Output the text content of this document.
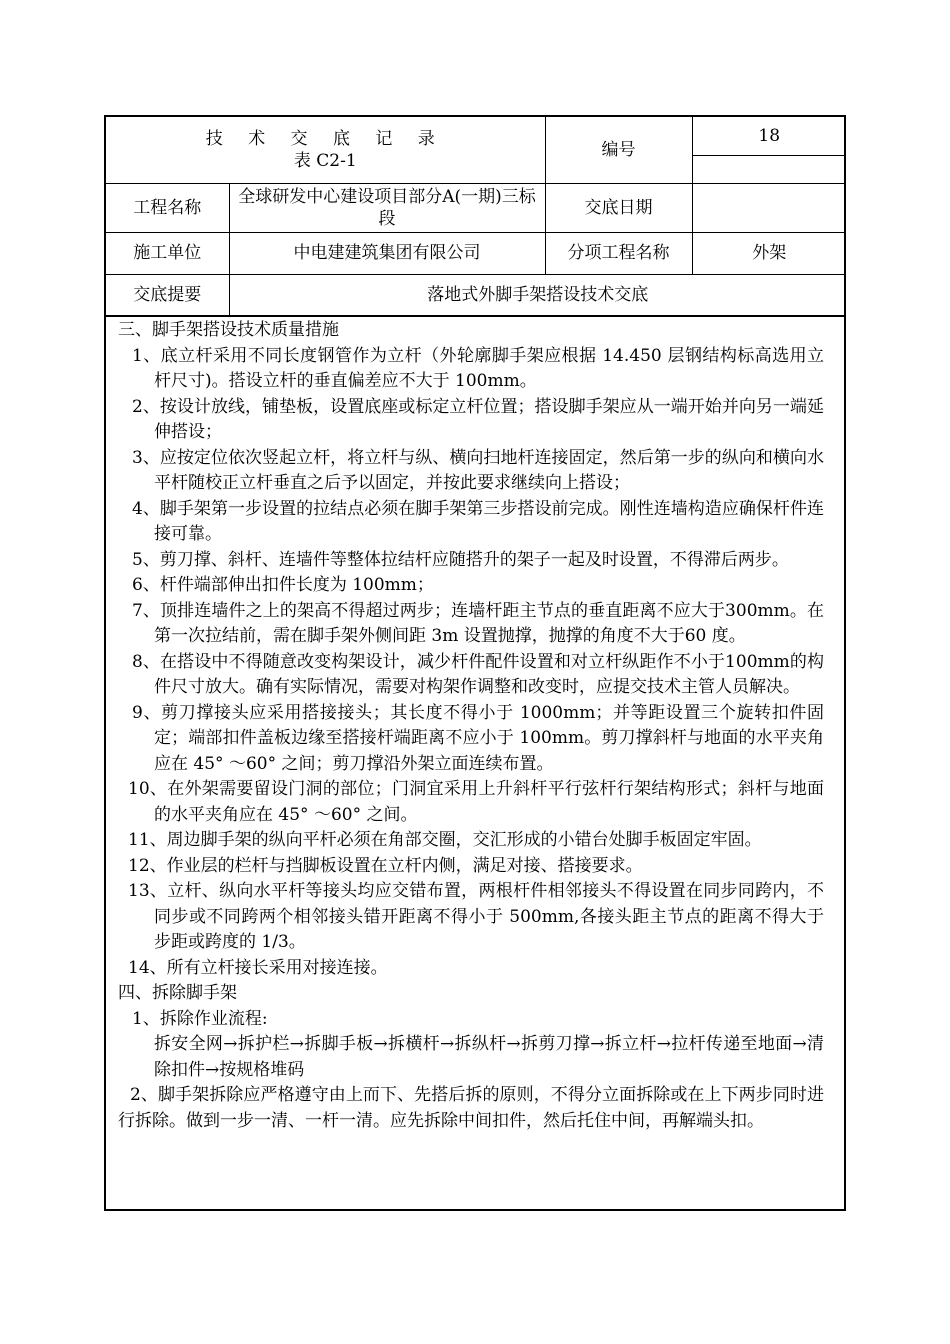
技 术 交 底 记 录
表 C2-1		编号	18

工程名称	全球研发中心建设项目部分A(一期)三标段	交底日期	
施工单位	中电建建筑集团有限公司	分项工程名称	外架
交底提要	落地式外脚手架搭设技术交底		

三、脚手架搭设技术质量措施

1、底立杆采用不同长度钢管作为立杆（外轮廓脚手架应根据 14.450 层钢结构标高选用立杆尺寸)。搭设立杆的垂直偏差应不大于 100mm。

2、按设计放线，铺垫板，设置底座或标定立杆位置；搭设脚手架应从一端开始并向另一端延伸搭设；

3、应按定位依次竖起立杆，将立杆与纵、横向扫地杆连接固定，然后第一步的纵向和横向水平杆随校正立杆垂直之后予以固定，并按此要求继续向上搭设；

4、脚手架第一步设置的拉结点必须在脚手架第三步搭设前完成。刚性连墙构造应确保杆件连接可靠。

5、剪刀撑、斜杆、连墙件等整体拉结杆应随搭升的架子一起及时设置，不得滞后两步。

6、杆件端部伸出扣件长度为 100mm；

7、顶排连墙件之上的架高不得超过两步；连墙杆距主节点的垂直距离不应大于300mm。在第一次拉结前，需在脚手架外侧间距 3m 设置抛撑，抛撑的角度不大于60 度。

8、在搭设中不得随意改变构架设计，减少杆件配件设置和对立杆纵距作不小于100mm的构件尺寸放大。确有实际情况，需要对构架作调整和改变时，应提交技术主管人员解决。

9、剪刀撑接头应采用搭接接头；其长度不得小于 1000mm；并等距设置三个旋转扣件固定；端部扣件盖板边缘至搭接杆端距离不应小于 100mm。剪刀撑斜杆与地面的水平夹角应在 45° ～60° 之间；剪刀撑沿外架立面连续布置。

10、在外架需要留设门洞的部位；门洞宜采用上升斜杆平行弦杆行架结构形式；斜杆与地面的水平夹角应在 45° ～60° 之间。

11、周边脚手架的纵向平杆必须在角部交圈，交汇形成的小错台处脚手板固定牢固。

12、作业层的栏杆与挡脚板设置在立杆内侧，满足对接、搭接要求。

13、立杆、纵向水平杆等接头均应交错布置，两根杆件相邻接头不得设置在同步同跨内，不同步或不同跨两个相邻接头错开距离不得小于 500mm,各接头距主节点的距离不得大于步距或跨度的 1/3。

14、所有立杆接长采用对接连接。

四、拆除脚手架

1、拆除作业流程:

拆安全网→拆护栏→拆脚手板→拆横杆→拆纵杆→拆剪刀撑→拆立杆→拉杆传递至地面→清除扣件→按规格堆码

2、脚手架拆除应严格遵守由上而下、先搭后拆的原则，不得分立面拆除或在上下两步同时进行拆除。做到一步一清、一杆一清。应先拆除中间扣件，然后托住中间，再解端头扣。
